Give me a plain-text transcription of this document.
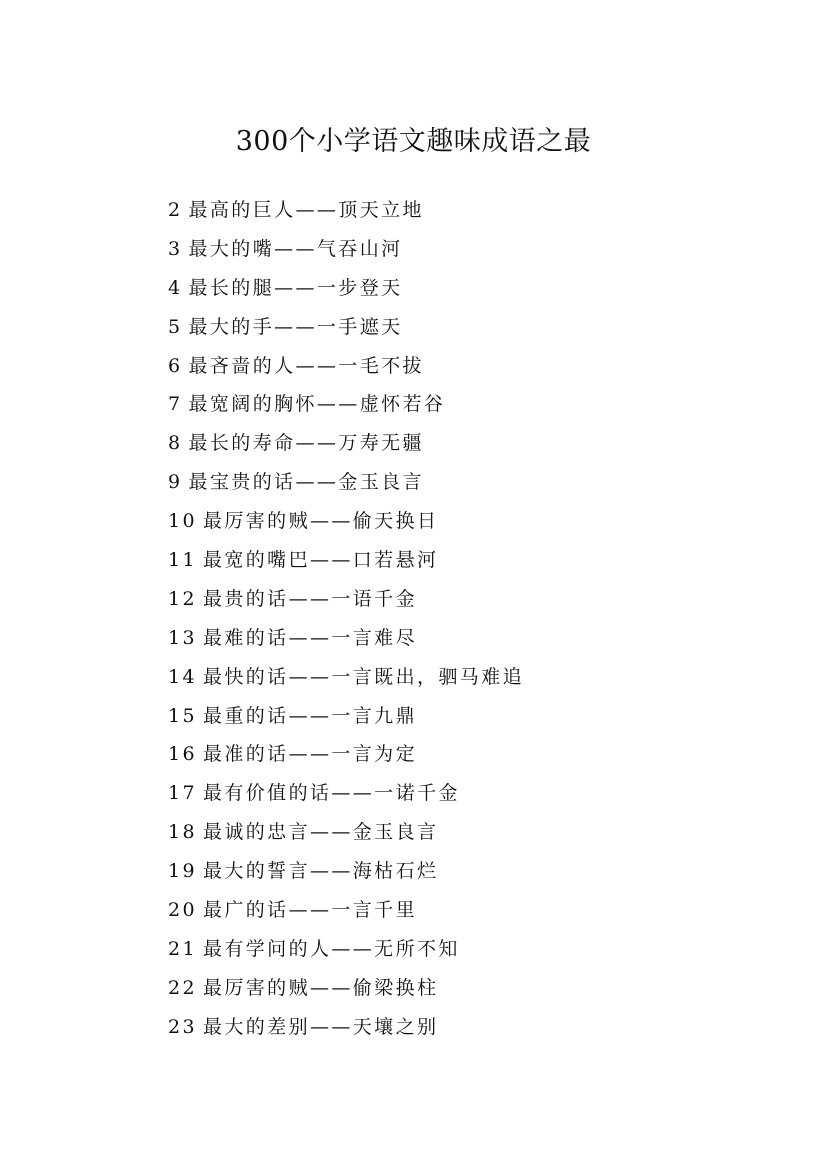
300个小学语文趣味成语之最
2 最高的巨人——顶天立地
3 最大的嘴——气吞山河
4 最长的腿——一步登天
5 最大的手——一手遮天
6 最吝啬的人——一毛不拔
7 最宽阔的胸怀——虚怀若谷
8 最长的寿命——万寿无疆
9 最宝贵的话——金玉良言
10 最厉害的贼——偷天换日
11 最宽的嘴巴——口若悬河
12 最贵的话——一语千金
13 最难的话——一言难尽
14 最快的话——一言既出，驷马难追
15 最重的话——一言九鼎
16 最准的话——一言为定
17 最有价值的话——一诺千金
18 最诚的忠言——金玉良言
19 最大的誓言——海枯石烂
20 最广的话——一言千里
21 最有学问的人——无所不知
22 最厉害的贼——偷梁换柱
23 最大的差别——天壤之别
